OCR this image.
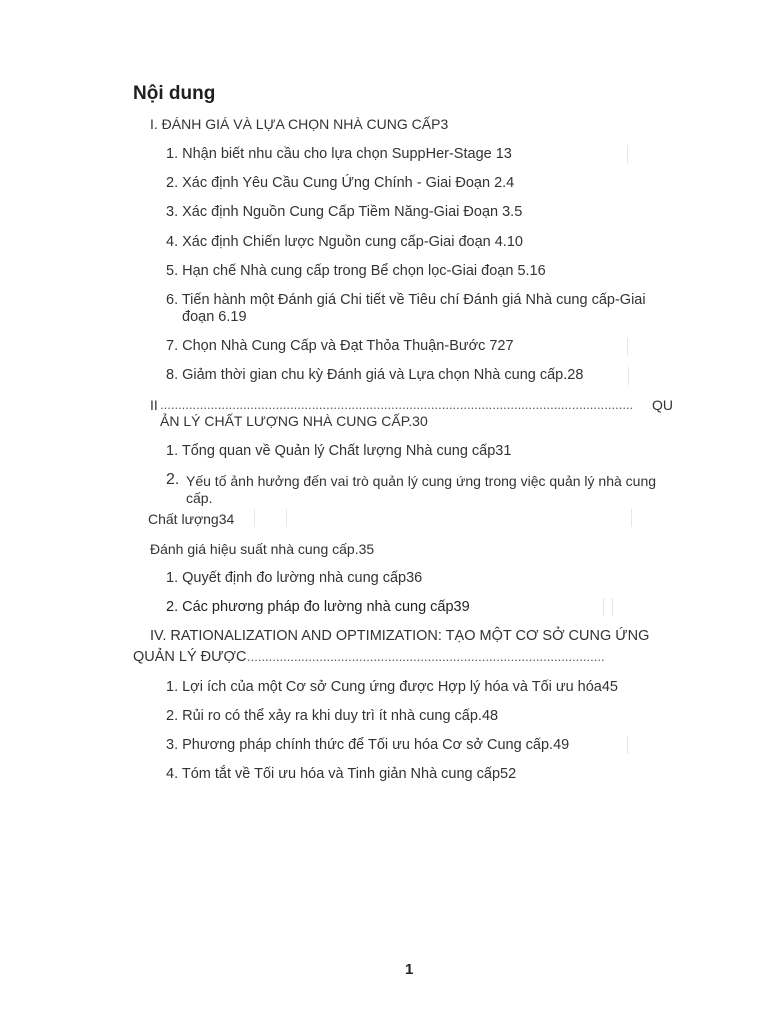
Nội dung
I. ĐÁNH GIÁ VÀ LỰA CHỌN NHÀ CUNG CẤP3
1. Nhận biết nhu cầu cho lựa chọn SuppHer-Stage 13
2. Xác định Yêu Cầu Cung Ứng Chính - Giai Đoạn 2.4
3. Xác định Nguồn Cung Cấp Tiềm Năng-Giai Đoạn 3.5
4. Xác định Chiến lược Nguồn cung cấp-Giai đoạn 4.10
5. Hạn chế Nhà cung cấp trong Bể chọn lọc-Giai đoạn 5.16
6. Tiến hành một Đánh giá Chi tiết về Tiêu chí Đánh giá Nhà cung cấp-Giai
đoạn 6.19
7. Chọn Nhà Cung Cấp và Đạt Thỏa Thuận-Bước 727
8. Giảm thời gian chu kỳ Đánh giá và Lựa chọn Nhà cung cấp.28
II ...................................................................................................................................	QU
ẢN LÝ CHẤT LƯỢNG NHÀ CUNG CẤP.30
1. Tổng quan về Quản lý Chất lượng Nhà cung cấp31
2. Yếu tố ảnh hưởng đến vai trò quản lý cung ứng trong việc quản lý nhà cung
cấp.
Chất lượng34
Đánh giá hiệu suất nhà cung cấp.35
1. Quyết định đo lường nhà cung cấp36
2. Các phương pháp đo lường nhà cung cấp39
IV. RATIONALIZATION AND OPTIMIZATION: TẠO MỘT CƠ SỞ CUNG ỨNG
QUẢN LÝ ĐƯỢC ...................................................................................................
1. Lợi ích của một Cơ sở Cung ứng được Hợp lý hóa và Tối ưu hóa45
2. Rủi ro có thể xảy ra khi duy trì ít nhà cung cấp.48
3. Phương pháp chính thức để Tối ưu hóa Cơ sở Cung cấp.49
4. Tóm tắt về Tối ưu hóa và Tinh giản Nhà cung cấp52
1
